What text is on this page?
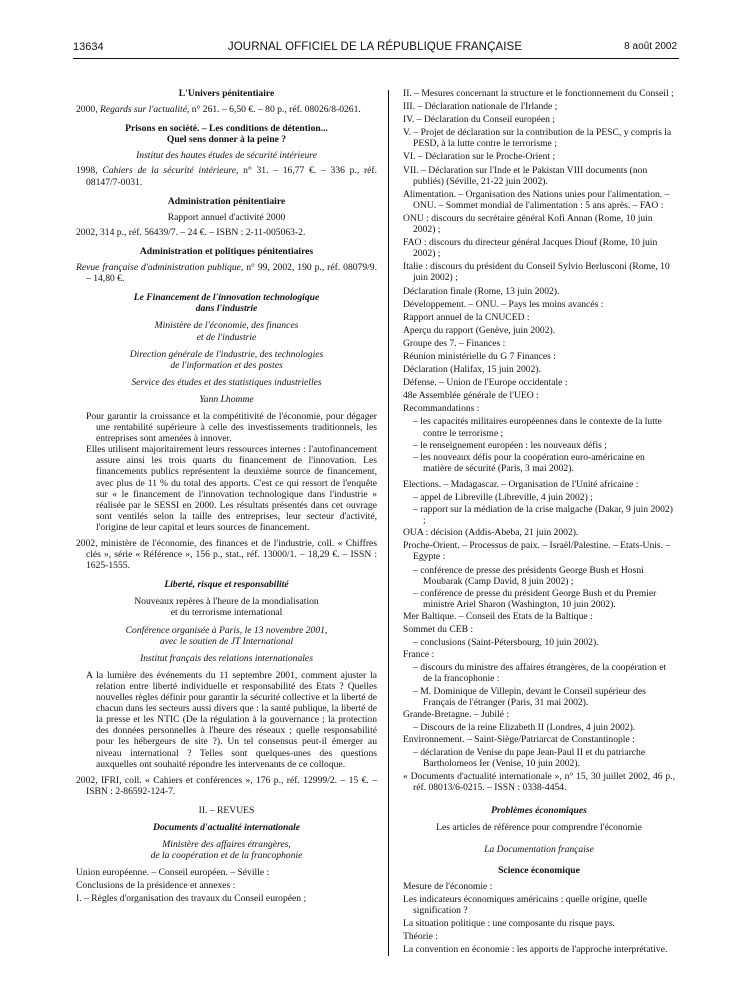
13634	JOURNAL OFFICIEL DE LA RÉPUBLIQUE FRANÇAISE	8 août 2002

L'Univers pénitentiaire

2000, Regards sur l'actualité, n° 261. – 6,50 €. – 80 p., réf. 08026/8-0261.

Prisons en société. – Les conditions de détention...

Quel sens donner à la peine ?

Institut des hautes études de sécurité intérieure

1998, Cahiers de la sécurité intérieure, n° 31. – 16,77 €. – 336 p., réf. 08147/7-0031.

Administration pénitentiaire

Rapport annuel d'activité 2000

2002, 314 p., réf. 56439/7. – 24 €. – ISBN : 2-11-005063-2.

Administration et politiques pénitentiaires

Revue française d'administration publique, n° 99, 2002, 190 p., réf. 08079/9. – 14,80 €.

Le Financement de l'innovation technologique

dans l'industrie

Ministère de l'économie, des finances

et de l'industrie

Direction générale de l'industrie, des technologies

de l'information et des postes

Service des études et des statistiques industrielles

Yann Lhomme

Pour garantir la croissance et la compétitivité de l'économie, pour dégager une rentabilité supérieure à celle des investissements traditionnels, les entreprises sont amenées à innover.

Elles utilisent majoritairement leurs ressources internes : l'autofinancement assure ainsi les trois quarts du financement de l'innovation. Les financements publics représentent la deuxième source de financement, avec plus de 11 % du total des apports. C'est ce qui ressort de l'enquête sur « le financement de l'innovation technologique dans l'industrie » réalisée par le SESSI en 2000. Les résultats présentés dans cet ouvrage sont ventilés selon la taille des entreprises, leur secteur d'activité, l'origine de leur capital et leurs sources de financement.

2002, ministère de l'économie, des finances et de l'industrie, coll. « Chiffres clés », série « Référence », 156 p., stat., réf. 13000/1. – 18,29 €. – ISSN : 1625-1555.

Liberté, risque et responsabilité

Nouveaux repères à l'heure de la mondialisation

et du terrorisme international

Conférence organisée à Paris, le 13 novembre 2001,

avec le soutien de JT International

Institut français des relations internationales

A la lumière des événements du 11 septembre 2001, comment ajuster la relation entre liberté individuelle et responsabilité des Etats ? Quelles nouvelles règles définir pour garantir la sécurité collective et la liberté de chacun dans les secteurs aussi divers que : la santé publique, la liberté de la presse et les NTIC (De la régulation à la gouvernance ; la protection des données personnelles à l'heure des réseaux ; quelle responsabilité pour les hébergeurs de site ?). Un tel consensus peut-il émerger au niveau international ? Telles sont quelques-unes des questions auxquelles ont souhaité répondre les intervenants de ce colloque.

2002, IFRI, coll. « Cahiers et conférences », 176 p., réf. 12999/2. – 15 €. – ISBN : 2-86592-124-7.

II. – REVUES

Documents d'actualité internationale

Ministère des affaires étrangères,

de la coopération et de la francophonie

Union européenne. – Conseil européen. – Séville :

Conclusions de la présidence et annexes :

I. – Règles d'organisation des travaux du Conseil européen ;

II. – Mesures concernant la structure et le fonctionnement du Conseil ;

III. – Déclaration nationale de l'Irlande ;

IV. – Déclaration du Conseil européen ;

V. – Projet de déclaration sur la contribution de la PESC, y compris la PESD, à la lutte contre le terrorisme ;

VI. – Déclaration sur le Proche-Orient ;

VII. – Déclaration sur l'Inde et le Pakistan VIII documents (non publiés) (Séville, 21-22 juin 2002).

Alimentation. – Organisation des Nations unies pour l'alimentation. – ONU. – Sommet mondial de l'alimentation : 5 ans après. – FAO :

ONU : discours du secrétaire général Kofi Annan (Rome, 10 juin 2002) ;

FAO : discours du directeur général Jacques Diouf (Rome, 10 juin 2002) ;

Italie : discours du président du Conseil Sylvio Berlusconi (Rome, 10 juin 2002) ;

Déclaration finale (Rome, 13 juin 2002).

Développement. – ONU. – Pays les moins avancés :

Rapport annuel de la CNUCED :

Aperçu du rapport (Genève, juin 2002).

Groupe des 7. – Finances :

Réunion ministérielle du G 7 Finances :

Déclaration (Halifax, 15 juin 2002).

Défense. – Union de l'Europe occidentale :

48e Assemblée générale de l'UEO :

Recommandations :

– les capacités militaires européennes dans le contexte de la lutte contre le terrorisme ;

– le renseignement européen : les nouveaux défis ;

– les nouveaux défis pour la coopération euro-américaine en matière de sécurité (Paris, 3 mai 2002).

Elections. – Madagascar. – Organisation de l'Unité africaine :

– appel de Libreville (Libreville, 4 juin 2002) ;

– rapport sur la médiation de la crise malgache (Dakar, 9 juin 2002) ;

OUA : décision (Addis-Abeba, 21 juin 2002).

Proche-Orient. – Processus de paix. – Israël/Palestine. – Etats-Unis. – Egypte :

– conférence de presse des présidents George Bush et Hosni Moubarak (Camp David, 8 juin 2002) ;

– conférence de presse du président George Bush et du Premier ministre Ariel Sharon (Washington, 10 juin 2002).

Mer Baltique. – Conseil des Etats de la Baltique :

Sommet du CEB :

– conclusions (Saint-Pétersbourg, 10 juin 2002).

France :

– discours du ministre des affaires étrangères, de la coopération et de la francophonie :

– M. Dominique de Villepin, devant le Conseil supérieur des Français de l'étranger (Paris, 31 mai 2002).

Grande-Bretagne. – Jubilé :

– Discours de la reine Elizabeth II (Londres, 4 juin 2002).

Environnement. – Saint-Siège/Patriarcat de Constantinople :

– déclaration de Venise du pape Jean-Paul II et du patriarche Bartholomeos Ier (Venise, 10 juin 2002).

« Documents d'actualité internationale », n° 15, 30 juillet 2002, 46 p., réf. 08013/6-0215. – ISSN : 0338-4454.

Problèmes économiques

Les articles de référence pour comprendre l'économie

La Documentation française

Science économique

Mesure de l'économie :

Les indicateurs économiques américains : quelle origine, quelle signification ?

La situation politique : une composante du risque pays.

Théorie :

La convention en économie : les apports de l'approche interprétative.
